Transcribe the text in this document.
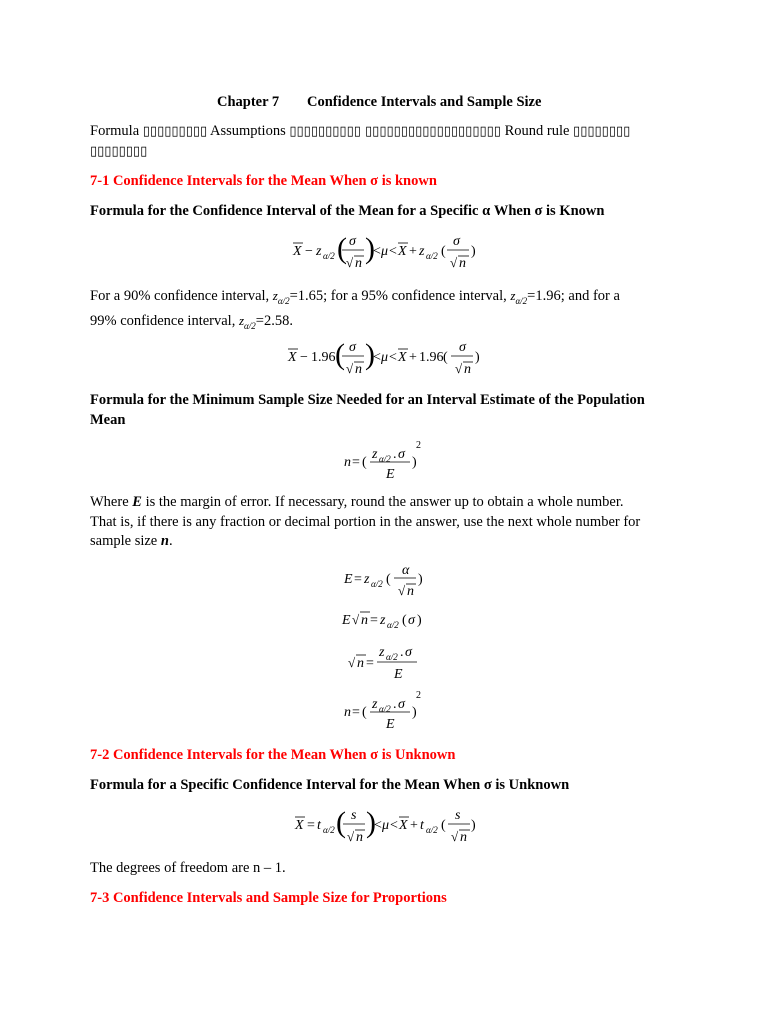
Chapter 7 Confidence Intervals and Sample Size
Formula ▯▯▯▯▯▯▯▯▯ Assumptions ▯▯▯▯▯▯▯▯▯▯ ▯▯▯▯▯▯▯▯▯▯▯▯▯▯▯▯▯▯▯ Round rule ▯▯▯▯▯▯▯▯ ▯▯▯▯▯▯▯▯
7-1 Confidence Intervals for the Mean When σ is known
Formula for the Confidence Interval of the Mean for a Specific α When σ is Known
X − z α/2 ( σ
√ n )
< μ < X + z α/2 (
σ
√ n
)
For a 90% confidence interval, $z_{\alpha/2}=1.65$; for a 95% confidence interval, $z_{\alpha/2}=1.96$; and for a
99% confidence interval, $z_{\alpha/2}=2.58$.
X − 1.96 ( σ
√ n )
< μ < X + 1.96 (
σ
√ n
)
Formula for the Minimum Sample Size Needed for an Interval Estimate of the Population
Mean
n = (
z α/2 . σ
E
)
2
Where E is the margin of error. If necessary, round the answer up to obtain a whole number.
That is, if there is any fraction or decimal portion in the answer, use the next whole number for
sample size n.
E = z α/2 (
α
√ n
)
E √ n = z α/2 ( σ )
√ n =
z α/2 . σ
E
n = (
z α/2 . σ
E
)
2
7-2 Confidence Intervals for the Mean When σ is Unknown
Formula for a Specific Confidence Interval for the Mean When σ is Unknown
X = t α/2 ( s
√ n )
< μ < X + t α/2 (
s
√ n
)
The degrees of freedom are n – 1.
7-3 Confidence Intervals and Sample Size for Proportions
